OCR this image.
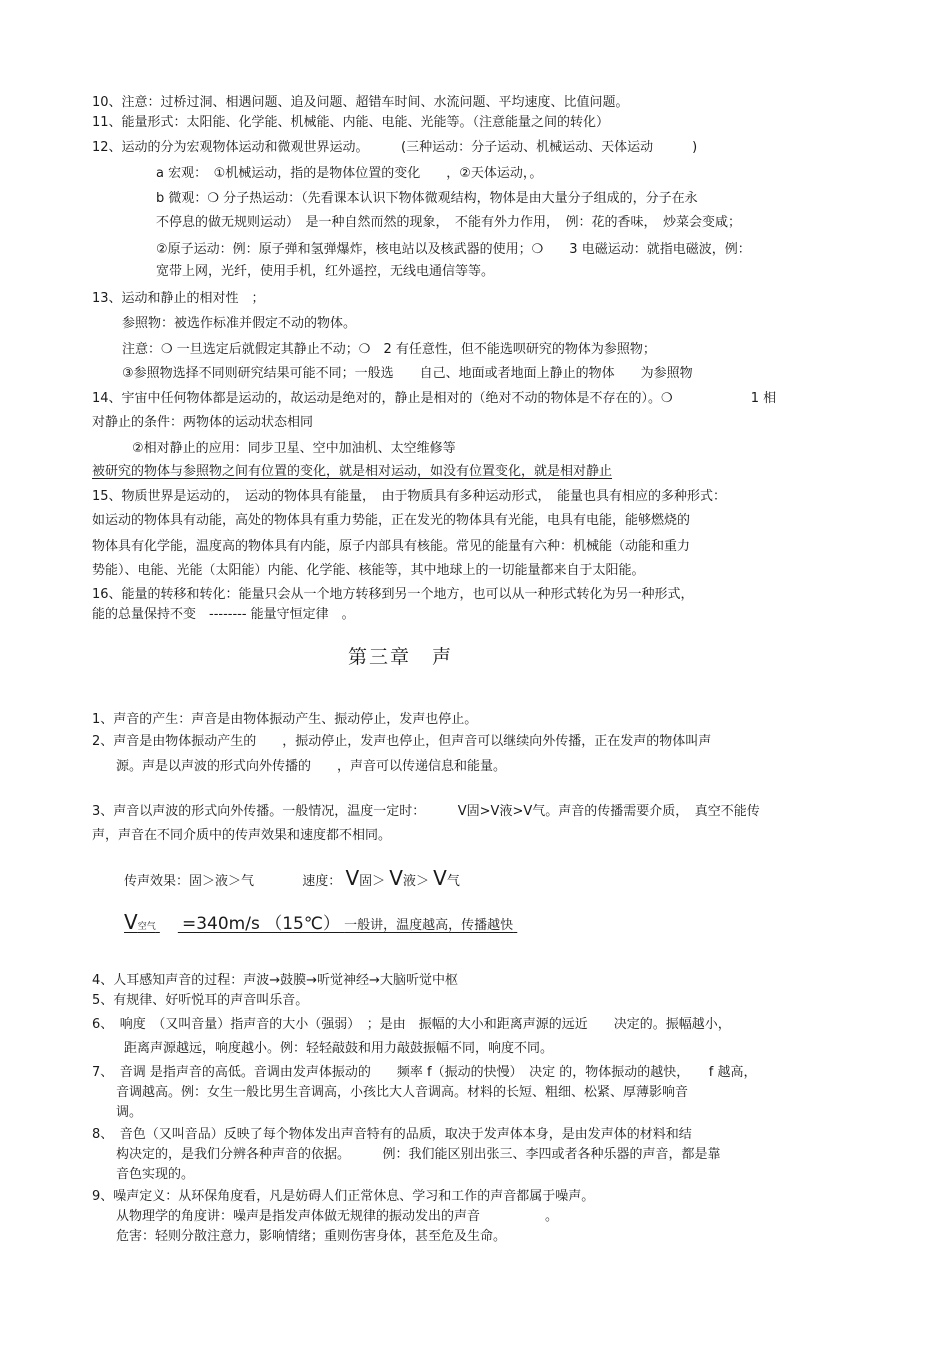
10、注意：过桥过洞、相遇问题、追及问题、超错车时间、水流问题、平均速度、比值问题。
11、能量形式：太阳能、化学能、机械能、内能、电能、光能等。（注意能量之间的转化）
12、运动的分为宏观物体运动和微观世界运动。　　　(三种运动：分子运动、机械运动、天体运动　　　)
a 宏观：　①机械运动，指的是物体位置的变化　　，②天体运动，。
b 微观：❍ 分子热运动：（先看课本认识下物体微观结构，物体是由大量分子组成的，分子在永
不停息的做无规则运动）　是一种自然而然的现象，　不能有外力作用，　例：花的香味，　炒菜会变咸；
②原子运动：例：原子弹和氢弹爆炸，核电站以及核武器的使用；❍　　3 电磁运动：就指电磁波，例：
宽带上网，光纤，使用手机，红外遥控，无线电通信等等。
13、运动和静止的相对性　；
参照物：被选作标准并假定不动的物体。
注意：❍ 一旦选定后就假定其静止不动；❍　2 有任意性，但不能选呗研究的物体为参照物；
③参照物选择不同则研究结果可能不同；一般选　　自己、地面或者地面上静止的物体　　为参照物
14、宇宙中任何物体都是运动的，故运动是绝对的，静止是相对的（绝对不动的物体是不存在的）。❍　　　　　　1 相
对静止的条件：两物体的运动状态相同
②相对静止的应用：同步卫星、空中加油机、太空维修等
被研究的物体与参照物之间有位置的变化，就是相对运动，如没有位置变化，就是相对静止
15、物质世界是运动的，　运动的物体具有能量，　由于物质具有多种运动形式，　能量也具有相应的多种形式：
如运动的物体具有动能，高处的物体具有重力势能，正在发光的物体具有光能，电具有电能，能够燃烧的
物体具有化学能，温度高的物体具有内能，原子内部具有核能。常见的能量有六种：机械能（动能和重力
势能）、电能、光能（太阳能）内能、化学能、核能等，其中地球上的一切能量都来自于太阳能。
16、能量的转移和转化：能量只会从一个地方转移到另一个地方，也可以从一种形式转化为另一种形式，
能的总量保持不变　-------- 能量守恒定律　。
第三章　声
1、声音的产生：声音是由物体振动产生、振动停止，发声也停止。
2、声音是由物体振动产生的　　，振动停止，发声也停止，但声音可以继续向外传播，正在发声的物体叫声
源。声是以声波的形式向外传播的　　，声音可以传递信息和能量。
3、声音以声波的形式向外传播。一般情况，温度一定时：　　　V固>V液>V气。声音的传播需要介质，　真空不能传
声，声音在不同介质中的传声效果和速度都不相同。
传声效果：固＞液＞气	速度： V固＞ V液＞ V气
V空气 =340m/s （15℃） 一般讲，温度越高，传播越快
4、人耳感知声音的过程：声波→鼓膜→听觉神经→大脑听觉中枢
5、有规律、好听悦耳的声音叫乐音。
6、　响度　（又叫音量）指声音的大小（强弱）　；是由　振幅的大小和距离声源的远近　　决定的。振幅越小，
距离声源越远，响度越小。例：轻轻敲鼓和用力敲鼓振幅不同，响度不同。
7、　音调 是指声音的高低。音调由发声体振动的　　频率 f（振动的快慢）　决定 的，物体振动的越快，　　f 越高，
音调越高。例：女生一般比男生音调高，小孩比大人音调高。材料的长短、粗细、松紧、厚薄影响音
调。
8、　音色（又叫音品）反映了每个物体发出声音特有的品质，取决于发声体本身，是由发声体的材料和结
构决定的，是我们分辨各种声音的依据。　　　例：我们能区别出张三、李四或者各种乐器的声音，都是靠
音色实现的。
9、噪声定义：从环保角度看，凡是妨碍人们正常休息、学习和工作的声音都属于噪声。
从物理学的角度讲：噪声是指发声体做无规律的振动发出的声音　　　　　。
危害：轻则分散注意力，影响情绪；重则伤害身体，甚至危及生命。
